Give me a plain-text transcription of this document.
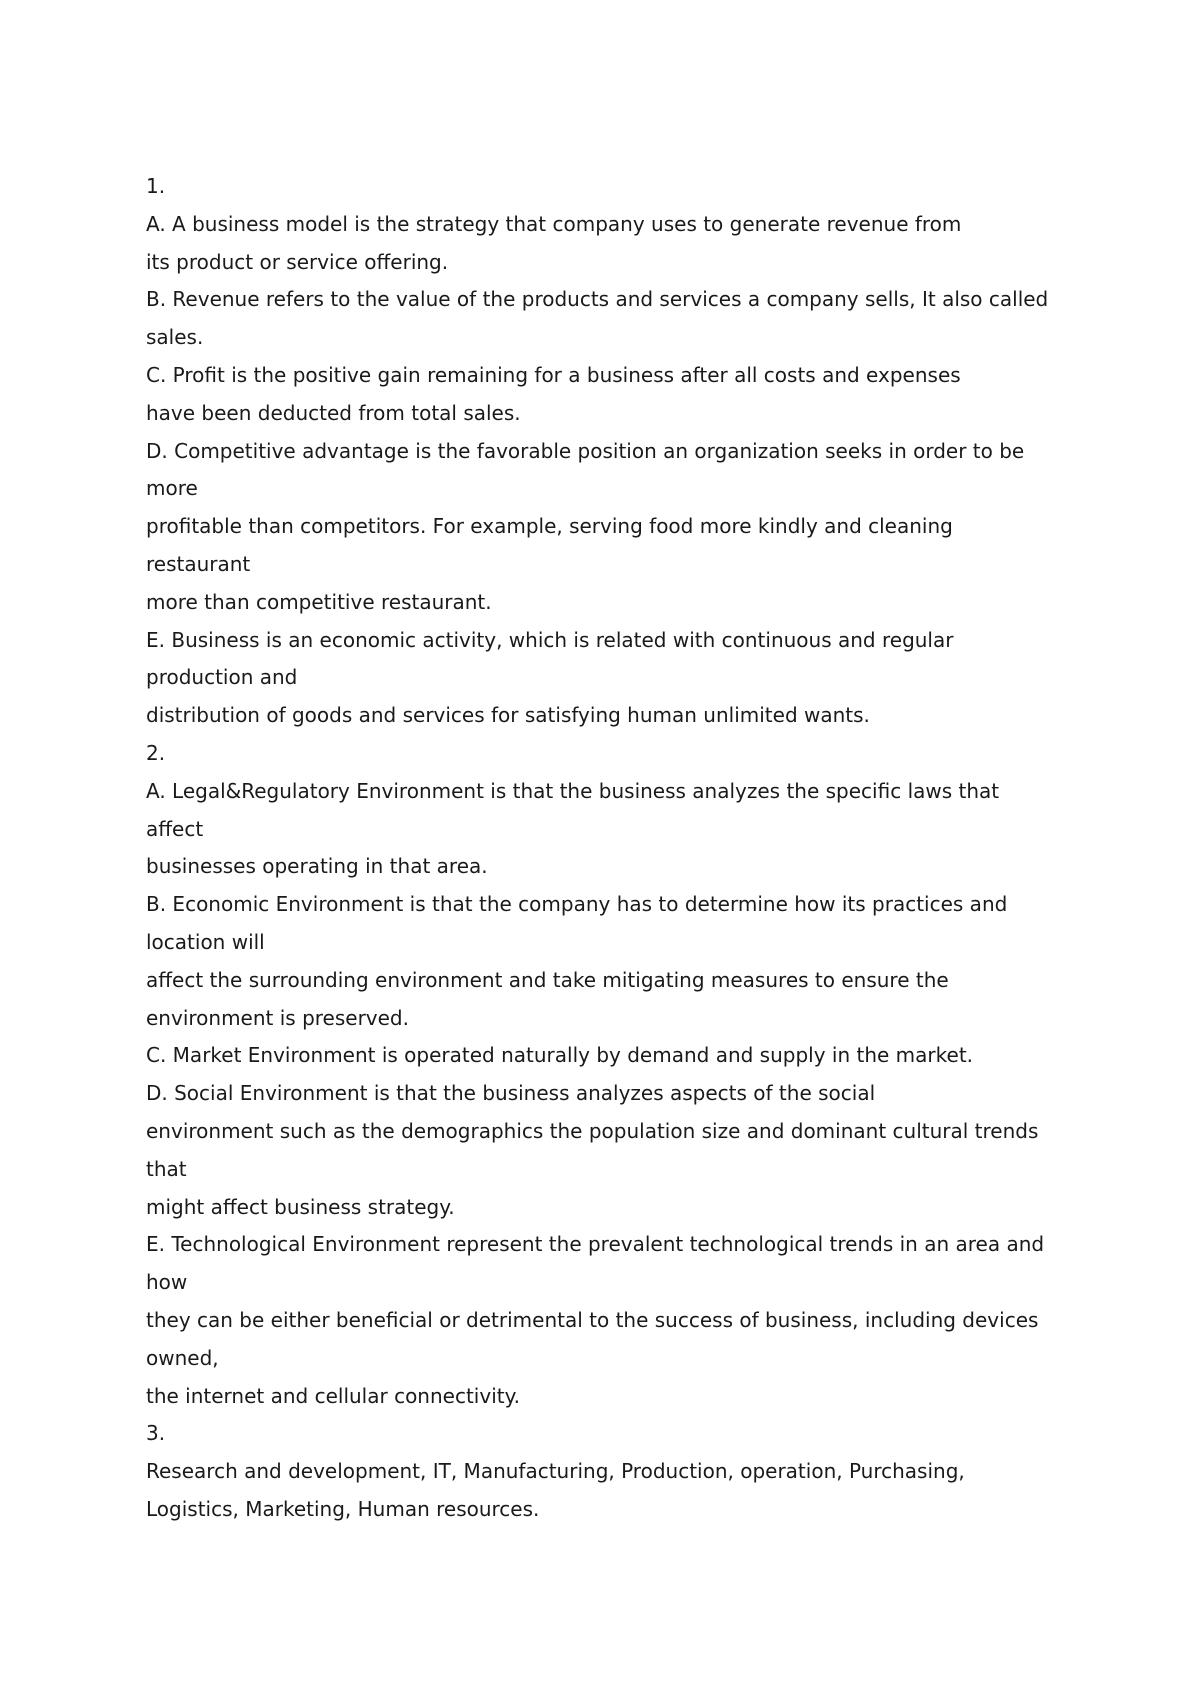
1.
A. A business model is the strategy that company uses to generate revenue from
its product or service offering.
B. Revenue refers to the value of the products and services a company sells, It also called
sales.
C. Profit is the positive gain remaining for a business after all costs and expenses
have been deducted from total sales.
D. Competitive advantage is the favorable position an organization seeks in order to be
more
profitable than competitors. For example, serving food more kindly and cleaning
restaurant
more than competitive restaurant.
E. Business is an economic activity, which is related with continuous and regular
production and
distribution of goods and services for satisfying human unlimited wants.
2.
A. Legal&Regulatory Environment is that the business analyzes the specific laws that
affect
businesses operating in that area.
B. Economic Environment is that the company has to determine how its practices and
location will
affect the surrounding environment and take mitigating measures to ensure the
environment is preserved.
C. Market Environment is operated naturally by demand and supply in the market.
D. Social Environment is that the business analyzes aspects of the social
environment such as the demographics the population size and dominant cultural trends
that
might affect business strategy.
E. Technological Environment represent the prevalent technological trends in an area and
how
they can be either beneficial or detrimental to the success of business, including devices
owned,
the internet and cellular connectivity.
3.
Research and development, IT, Manufacturing, Production, operation, Purchasing,
Logistics, Marketing, Human resources.
